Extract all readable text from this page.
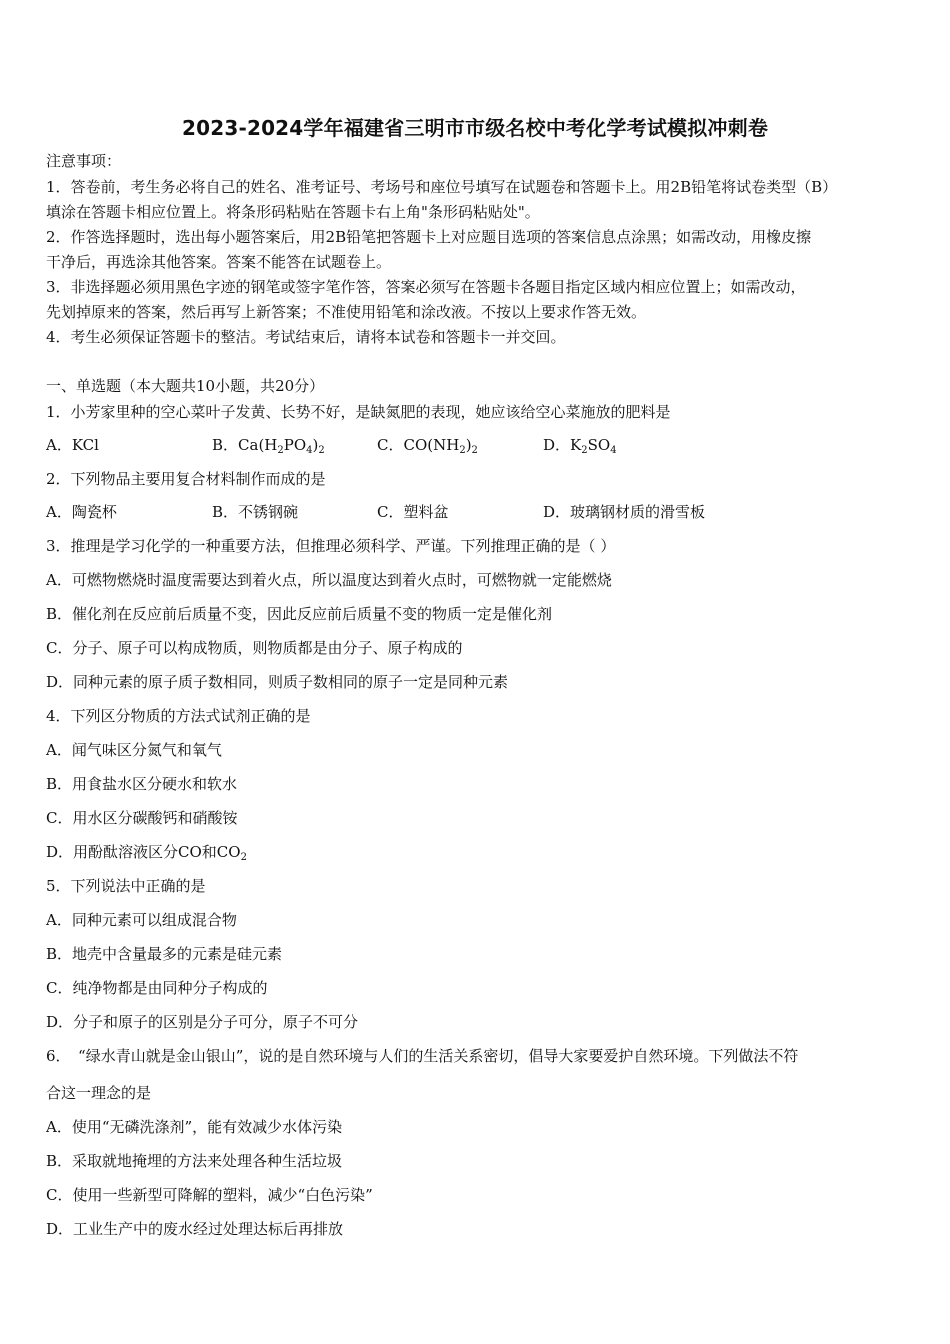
2023-2024学年福建省三明市市级名校中考化学考试模拟冲刺卷
注意事项：
1．答卷前，考生务必将自己的姓名、准考证号、考场号和座位号填写在试题卷和答题卡上。用2B铅笔将试卷类型（B）
填涂在答题卡相应位置上。将条形码粘贴在答题卡右上角"条形码粘贴处"。
2．作答选择题时，选出每小题答案后，用2B铅笔把答题卡上对应题目选项的答案信息点涂黑；如需改动，用橡皮擦
干净后，再选涂其他答案。答案不能答在试题卷上。
3．非选择题必须用黑色字迹的钢笔或签字笔作答，答案必须写在答题卡各题目指定区域内相应位置上；如需改动，
先划掉原来的答案，然后再写上新答案；不准使用铅笔和涂改液。不按以上要求作答无效。
4．考生必须保证答题卡的整洁。考试结束后，请将本试卷和答题卡一并交回。
一、单选题（本大题共10小题，共20分）
1．小芳家里种的空心菜叶子发黄、长势不好，是缺氮肥的表现，她应该给空心菜施放的肥料是
A．KCl	B．$Ca(H_2PO_4)_2$	C．$CO(NH_2)_2$	D．$K_2SO_4$
2．下列物品主要用复合材料制作而成的是
A．陶瓷杯	B．不锈钢碗	C．塑料盆	D．玻璃钢材质的滑雪板
3．推理是学习化学的一种重要方法，但推理必须科学、严谨。下列推理正确的是（ ）
A．可燃物燃烧时温度需要达到着火点，所以温度达到着火点时，可燃物就一定能燃烧
B．催化剂在反应前后质量不变，因此反应前后质量不变的物质一定是催化剂
C．分子、原子可以构成物质，则物质都是由分子、原子构成的
D．同种元素的原子质子数相同，则质子数相同的原子一定是同种元素
4．下列区分物质的方法式试剂正确的是
A．闻气味区分氮气和氧气
B．用食盐水区分硬水和软水
C．用水区分碳酸钙和硝酸铵
D．用酚酞溶液区分CO和$CO_2$
5．下列说法中正确的是
A．同种元素可以组成混合物
B．地壳中含量最多的元素是硅元素
C．纯净物都是由同种分子构成的
D．分子和原子的区别是分子可分，原子不可分
6．　“绿水青山就是金山银山”，说的是自然环境与人们的生活关系密切，倡导大家要爱护自然环境。下列做法不符
合这一理念的是
A．使用“无磷洗涤剂”，能有效减少水体污染
B．采取就地掩埋的方法来处理各种生活垃圾
C．使用一些新型可降解的塑料，减少“白色污染”
D．工业生产中的废水经过处理达标后再排放
